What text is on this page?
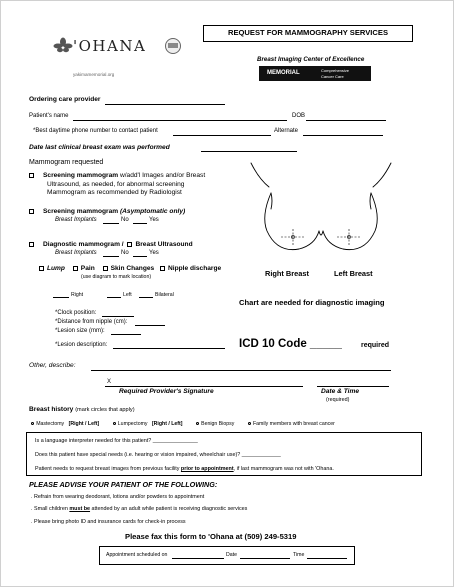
'OHANA
yakimamemorial.org
REQUEST FOR MAMMOGRAPHY SERVICES
Breast Imaging Center of Excellence
MEMORIAL	Comprehensive
Cancer Care
Ordering care provider
Patient's name	DOB
*Best daytime phone number to contact patient	Alternate
Date last clinical breast exam was performed
Mammogram requested
Screening mammogram w/add'l Images and/or Breast
Ultrasound, as needed, for abnormal screening
Mammogram as recommended by Radiologist
Screening mammogram (Asymptomatic only)
Breast Implants	No	Yes
Diagnostic mammogram / Breast Ultrasound
Breast Implants	No	Yes
Lump Pain Skin Changes Nipple discharge
(use diagram to mark location)
Right	Left	Bilateral
*Clock position:
*Distance from nipple (cm):
*Lesion size (mm):
*Lesion description:
Right Breast	Left Breast
Chart are needed for diagnostic imaging
ICD 10 Code _____	required
Other, describe:
X
Required Provider's Signature	Date & Time
(required)
Breast history (mark circles that apply)
Mastectomy [Right / Left]	Lumpectomy [Right / Left]	Benign Biopsy	Family members with breast cancer
Is a language interpreter needed for this patient? _______________
Does this patient have special needs (i.e. hearing or vision impaired, wheelchair use)? _____________
Patient needs to request breast images from previous facility prior to appointment, if last mammogram was not with 'Ohana.
PLEASE ADVISE YOUR PATIENT OF THE FOLLOWING:
. Refrain from wearing deodorant, lotions and/or powders to appointment
. Small children must be attended by an adult while patient is receiving diagnostic services
. Please bring photo ID and insurance cards for check-in process
Please fax this form to 'Ohana at (509) 249-5319
Appointment scheduled on	Date	Time
